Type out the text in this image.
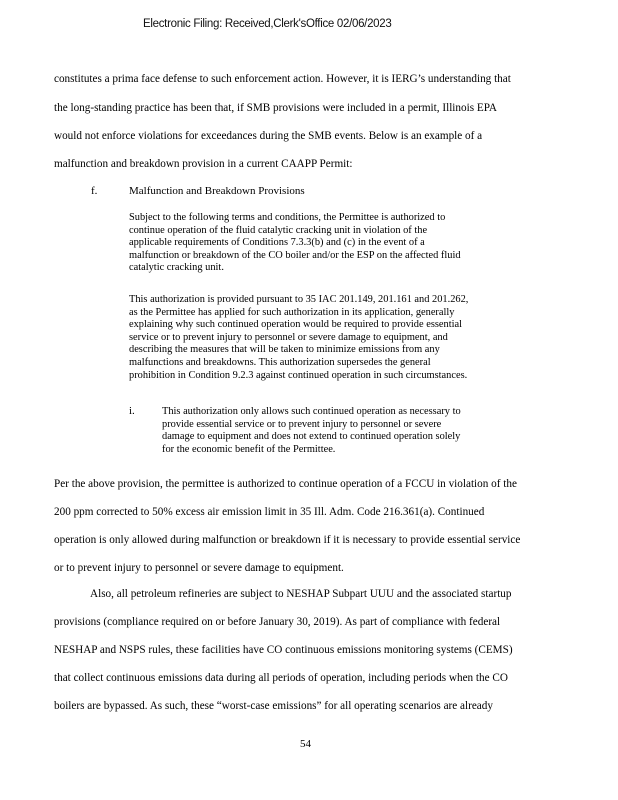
Electronic Filing: Received,Clerk'sOffice 02/06/2023
constitutes a prima face defense to such enforcement action. However, it is IERG’s understanding that
the long-standing practice has been that, if SMB provisions were included in a permit, Illinois EPA
would not enforce violations for exceedances during the SMB events. Below is an example of a
malfunction and breakdown provision in a current CAAPP Permit:
f.	Malfunction and Breakdown Provisions
Subject to the following terms and conditions, the Permittee is authorized to
continue operation of the fluid catalytic cracking unit in violation of the
applicable requirements of Conditions 7.3.3(b) and (c) in the event of a
malfunction or breakdown of the CO boiler and/or the ESP on the affected fluid
catalytic cracking unit.
This authorization is provided pursuant to 35 IAC 201.149, 201.161 and 201.262,
as the Permittee has applied for such authorization in its application, generally
explaining why such continued operation would be required to provide essential
service or to prevent injury to personnel or severe damage to equipment, and
describing the measures that will be taken to minimize emissions from any
malfunctions and breakdowns. This authorization supersedes the general
prohibition in Condition 9.2.3 against continued operation in such circumstances.
i.	This authorization only allows such continued operation as necessary to
provide essential service or to prevent injury to personnel or severe
damage to equipment and does not extend to continued operation solely
for the economic benefit of the Permittee.
Per the above provision, the permittee is authorized to continue operation of a FCCU in violation of the
200 ppm corrected to 50% excess air emission limit in 35 Ill. Adm. Code 216.361(a). Continued
operation is only allowed during malfunction or breakdown if it is necessary to provide essential service
or to prevent injury to personnel or severe damage to equipment.
Also, all petroleum refineries are subject to NESHAP Subpart UUU and the associated startup
provisions (compliance required on or before January 30, 2019). As part of compliance with federal
NESHAP and NSPS rules, these facilities have CO continuous emissions monitoring systems (CEMS)
that collect continuous emissions data during all periods of operation, including periods when the CO
boilers are bypassed. As such, these “worst-case emissions” for all operating scenarios are already
54
